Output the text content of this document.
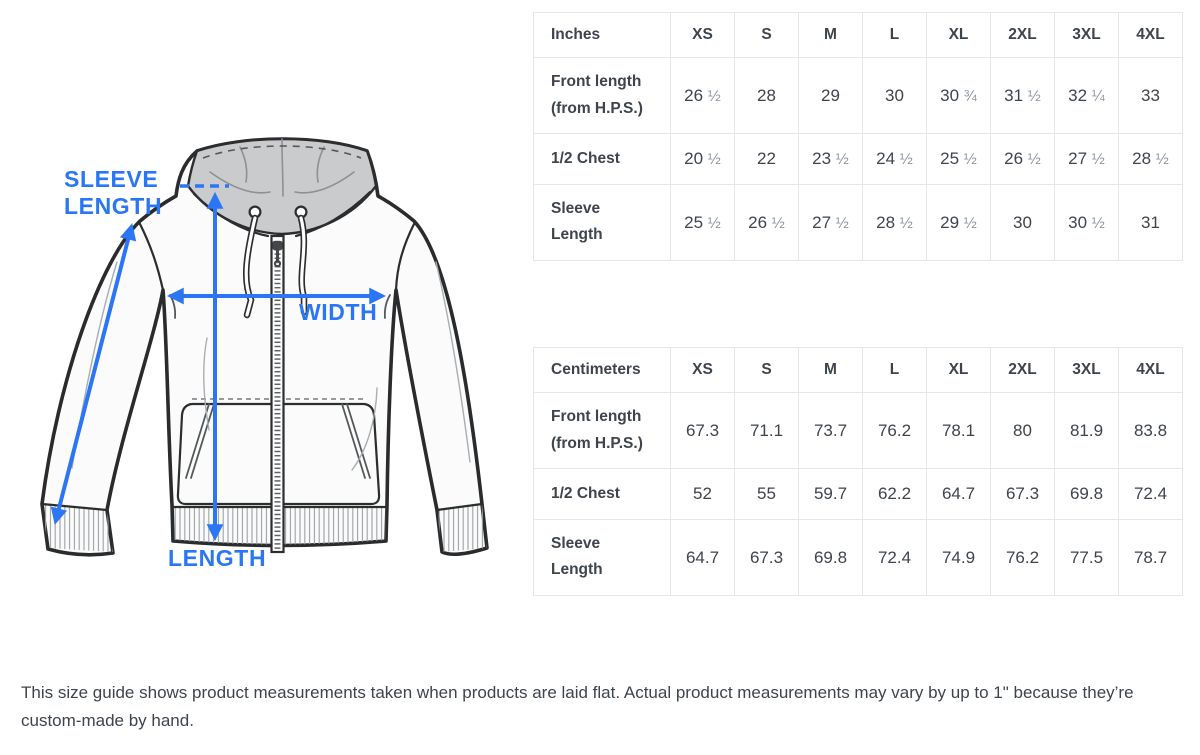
SLEEVE
LENGTH
WIDTH
LENGTH
Inches	XS	S	M	L	XL	2XL	3XL	4XL
Front length (from H.P.S.)	26 ½	28	29	30	30 ¾	31 ½	32 ¼	33
1/2 Chest	20 ½	22	23 ½	24 ½	25 ½	26 ½	27 ½	28 ½
Sleeve Length	25 ½	26 ½	27 ½	28 ½	29 ½	30	30 ½	31
Centimeters	XS	S	M	L	XL	2XL	3XL	4XL
Front length (from H.P.S.)	67.3	71.1	73.7	76.2	78.1	80	81.9	83.8
1/2 Chest	52	55	59.7	62.2	64.7	67.3	69.8	72.4
Sleeve Length	64.7	67.3	69.8	72.4	74.9	76.2	77.5	78.7
This size guide shows product measurements taken when products are laid flat. Actual product measurements may vary by up to 1" because they’re custom-made by hand.
